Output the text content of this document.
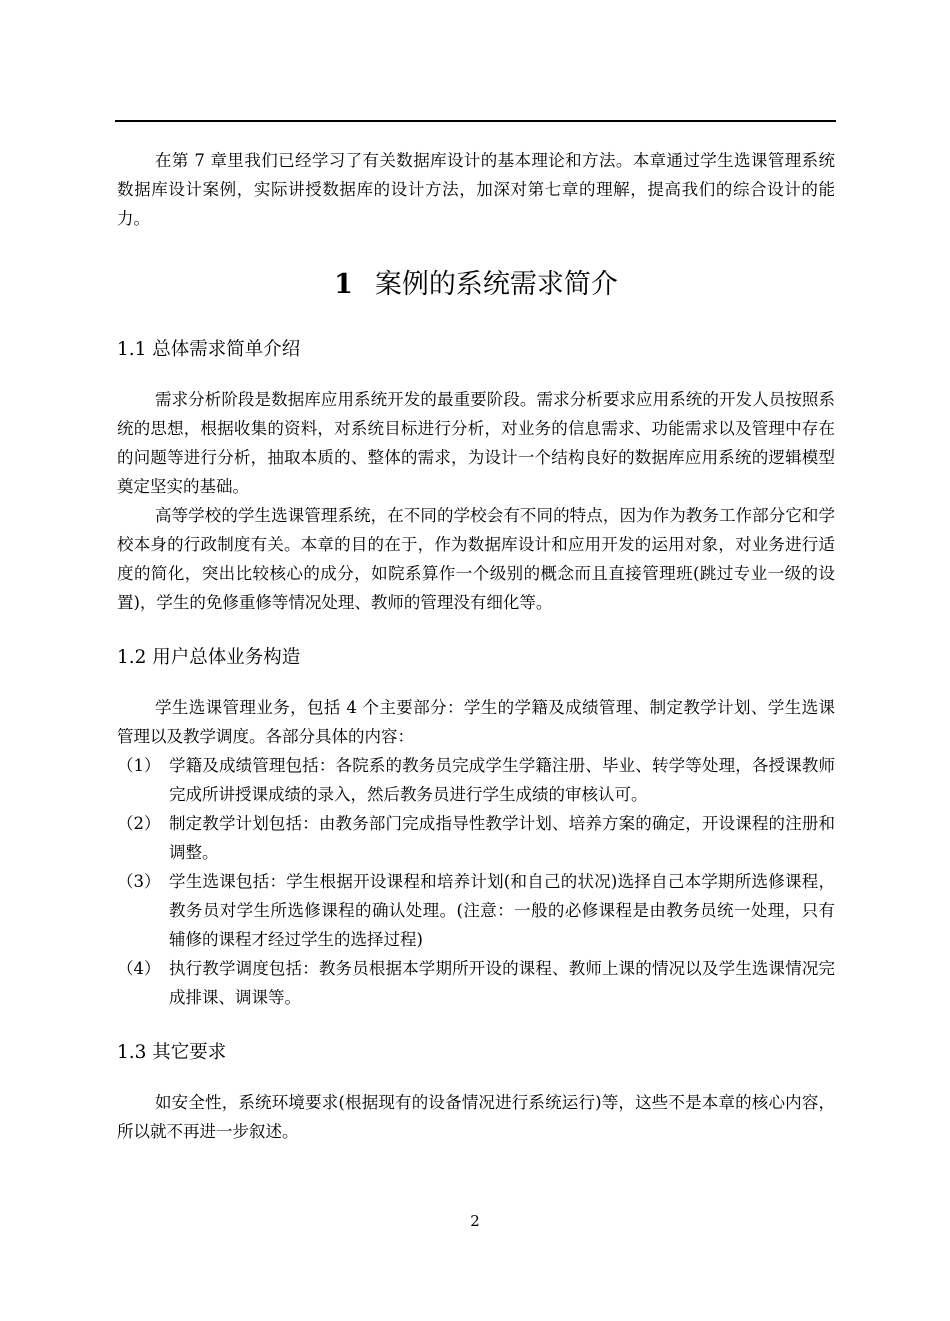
在第 7 章里我们已经学习了有关数据库设计的基本理论和方法。本章通过学生选课管理系统数据库设计案例，实际讲授数据库的设计方法，加深对第七章的理解，提高我们的综合设计的能力。

1 案例的系统需求简介
1.1 总体需求简单介绍

需求分析阶段是数据库应用系统开发的最重要阶段。需求分析要求应用系统的开发人员按照系统的思想，根据收集的资料，对系统目标进行分析，对业务的信息需求、功能需求以及管理中存在的问题等进行分析，抽取本质的、整体的需求，为设计一个结构良好的数据库应用系统的逻辑模型奠定坚实的基础。

高等学校的学生选课管理系统，在不同的学校会有不同的特点，因为作为教务工作部分它和学校本身的行政制度有关。本章的目的在于，作为数据库设计和应用开发的运用对象，对业务进行适度的简化，突出比较核心的成分，如院系算作一个级别的概念而且直接管理班(跳过专业一级的设置)，学生的免修重修等情况处理、教师的管理没有细化等。

1.2 用户总体业务构造

学生选课管理业务，包括 4 个主要部分：学生的学籍及成绩管理、制定教学计划、学生选课管理以及教学调度。各部分具体的内容：

（1） 学籍及成绩管理包括：各院系的教务员完成学生学籍注册、毕业、转学等处理，各授课教师完成所讲授课成绩的录入，然后教务员进行学生成绩的审核认可。
（2） 制定教学计划包括：由教务部门完成指导性教学计划、培养方案的确定，开设课程的注册和调整。
（3） 学生选课包括：学生根据开设课程和培养计划(和自己的状况)选择自己本学期所选修课程，教务员对学生所选修课程的确认处理。(注意：一般的必修课程是由教务员统一处理，只有辅修的课程才经过学生的选择过程)
（4） 执行教学调度包括：教务员根据本学期所开设的课程、教师上课的情况以及学生选课情况完成排课、调课等。
1.3 其它要求

如安全性，系统环境要求(根据现有的设备情况进行系统运行)等，这些不是本章的核心内容，所以就不再进一步叙述。

2
